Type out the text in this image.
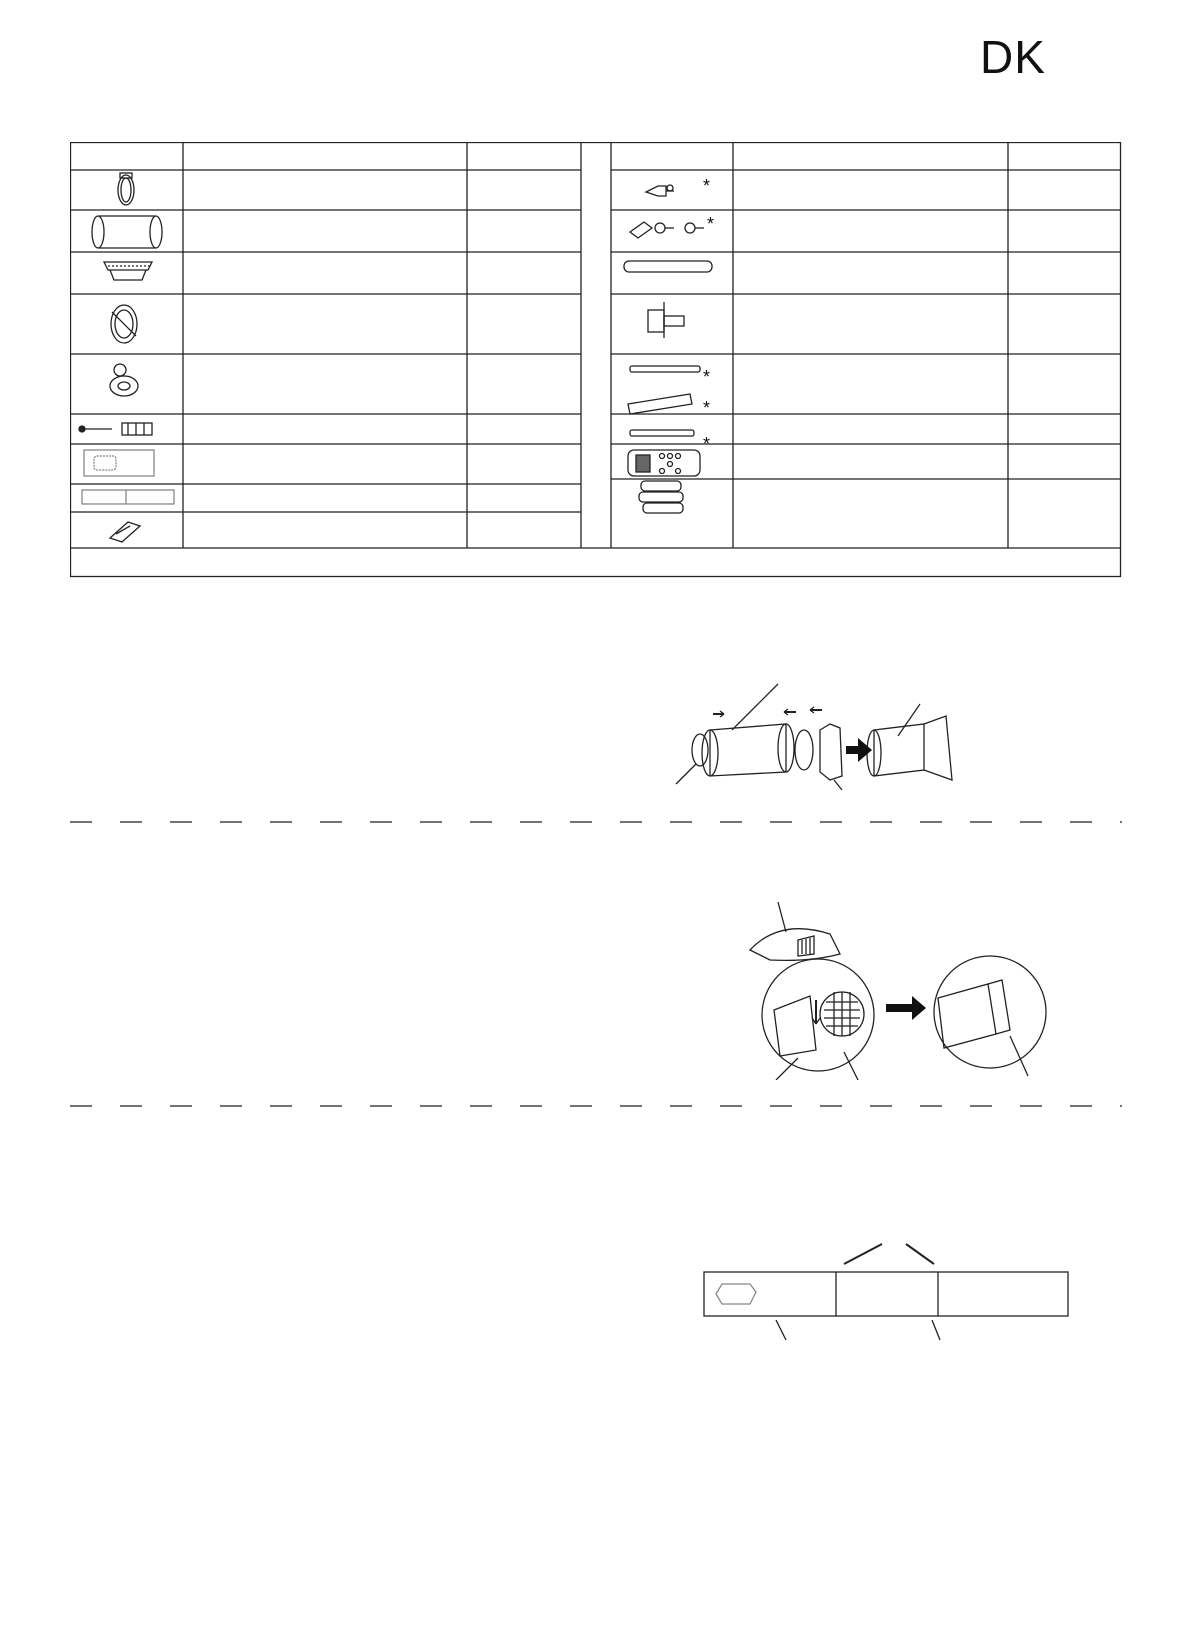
DK
*
*
*
*
*
